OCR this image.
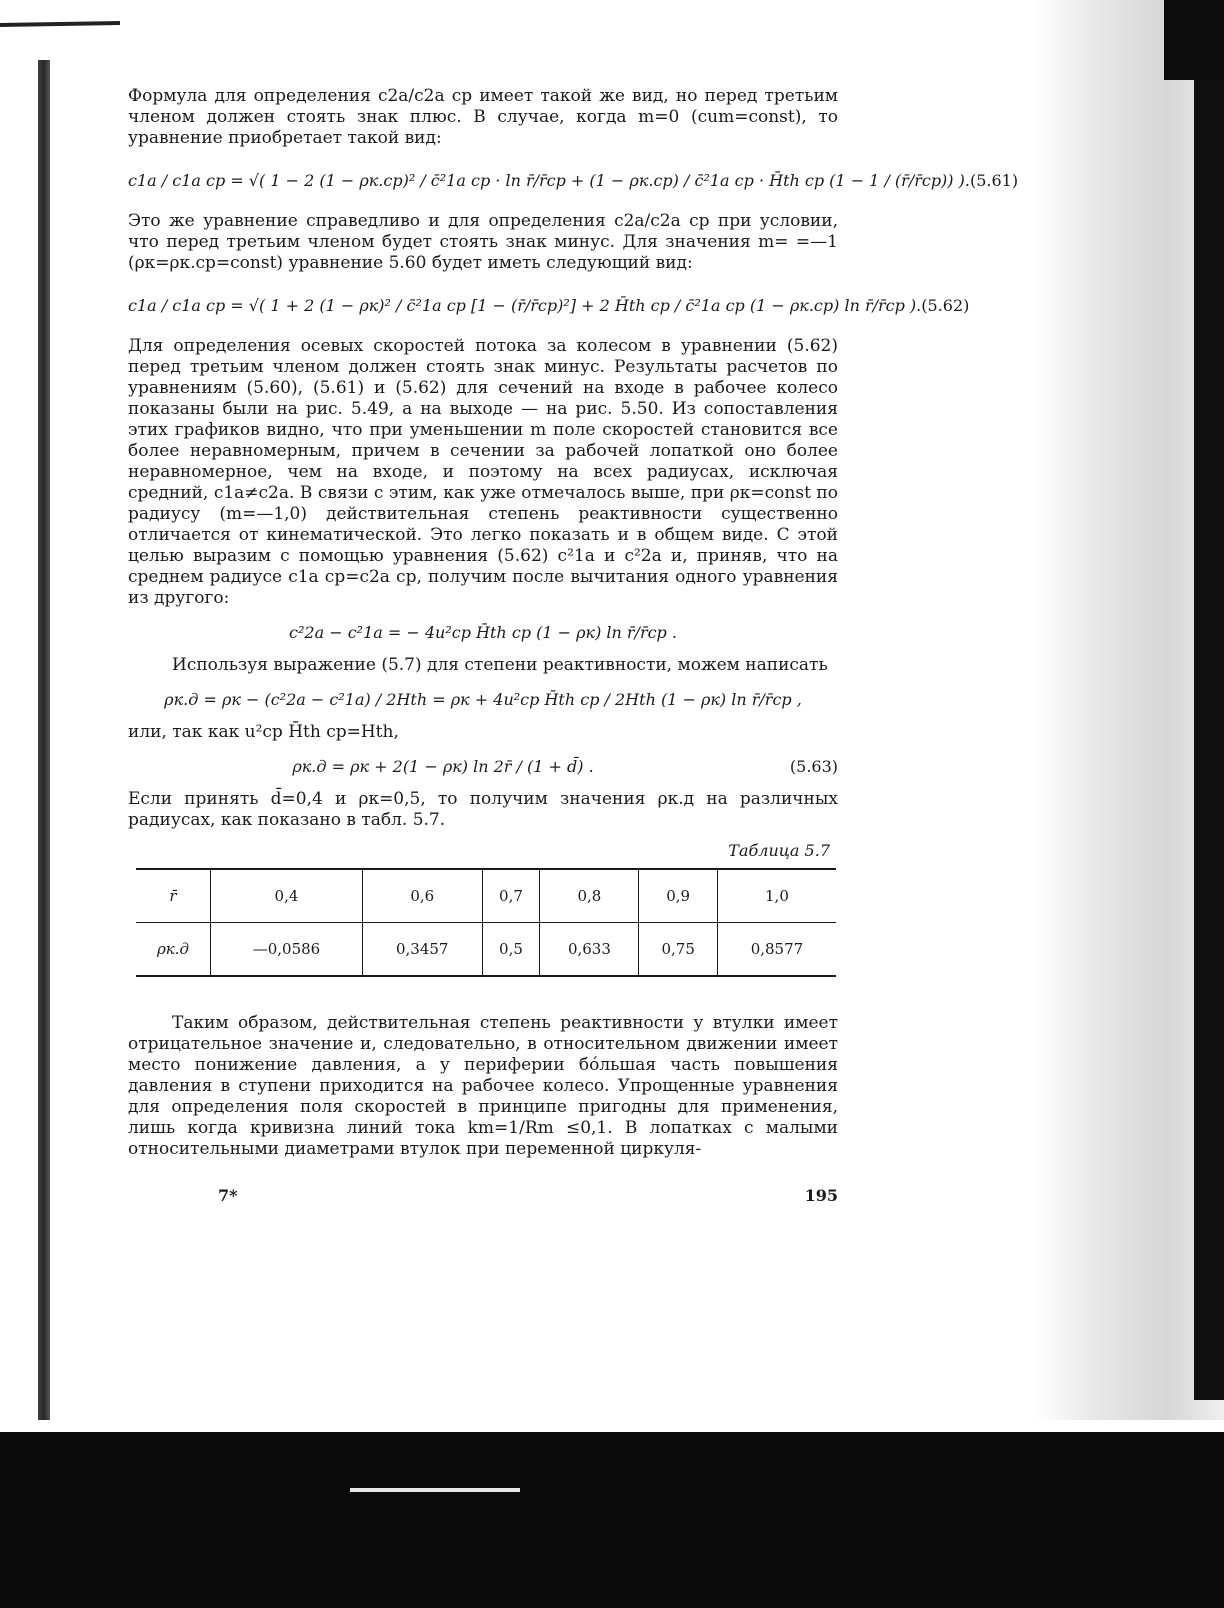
Формула для определения c2a/c2a ср имеет такой же вид, но перед третьим членом должен стоять знак плюс. В случае, когда m=0 (cum=const), то уравнение приобретает такой вид:

c1a / c1a ср = √( 1 − 2 (1 − ρк.ср)² / c̄²1a ср · ln r̄/r̄ср + (1 − ρк.ср) / c̄²1a ср · H̄th ср (1 − 1 / (r̄/r̄ср)) ). (5.61)

Это же уравнение справедливо и для определения c2a/c2a ср при условии, что перед третьим членом будет стоять знак минус. Для значения m= =—1 (ρк=ρк.ср=const) уравнение 5.60 будет иметь следующий вид:

c1a / c1a ср = √( 1 + 2 (1 − ρк)² / c̄²1a ср [1 − (r̄/r̄ср)²] + 2 H̄th ср / c̄²1a ср (1 − ρк.ср) ln r̄/r̄ср ). (5.62)

Для определения осевых скоростей потока за колесом в уравнении (5.62) перед третьим членом должен стоять знак минус. Результаты расчетов по уравнениям (5.60), (5.61) и (5.62) для сечений на входе в рабочее колесо показаны были на рис. 5.49, а на выходе — на рис. 5.50. Из сопоставления этих графиков видно, что при уменьшении m поле скоростей становится все более неравномерным, причем в сечении за рабочей лопаткой оно более неравномерное, чем на входе, и поэтому на всех радиусах, исключая средний, c1a≠c2a. В связи с этим, как уже отмечалось выше, при ρк=const по радиусу (m=—1,0) действительная степень реактивности существенно отличается от кинематической. Это легко показать и в общем виде. С этой целью выразим с помощью уравнения (5.62) c²1a и c²2a и, приняв, что на среднем радиусе c1a ср=c2a ср, получим после вычитания одного уравнения из другого:

c²2a − c²1a = − 4u²ср H̄th ср (1 − ρк) ln r̄/r̄ср .

Используя выражение (5.7) для степени реактивности, можем написать

ρк.д = ρк − (c²2a − c²1a) / 2Hth = ρк + 4u²ср H̄th ср / 2Hth (1 − ρк) ln r̄/r̄ср ,

или, так как u²ср H̄th ср=Hth,

ρк.д = ρк + 2(1 − ρк) ln 2r̄ / (1 + d̄) .	(5.63)

Если принять d̄=0,4 и ρк=0,5, то получим значения ρк.д на различных радиусах, как показано в табл. 5.7.

Таблица 5.7
r̄	0,4	0,6	0,7	0,8	0,9	1,0
ρк.д	—0,0586	0,3457	0,5	0,633	0,75	0,8577

Таким образом, действительная степень реактивности у втулки имеет отрицательное значение и, следовательно, в относительном движении имеет место понижение давления, а у периферии бóльшая часть повышения давления в ступени приходится на рабочее колесо. Упрощенные уравнения для определения поля скоростей в принципе пригодны для применения, лишь когда кривизна линий тока km=1/Rm ≤0,1. В лопатках с малыми относительными диаметрами втулок при переменной циркуля-

7*	195
